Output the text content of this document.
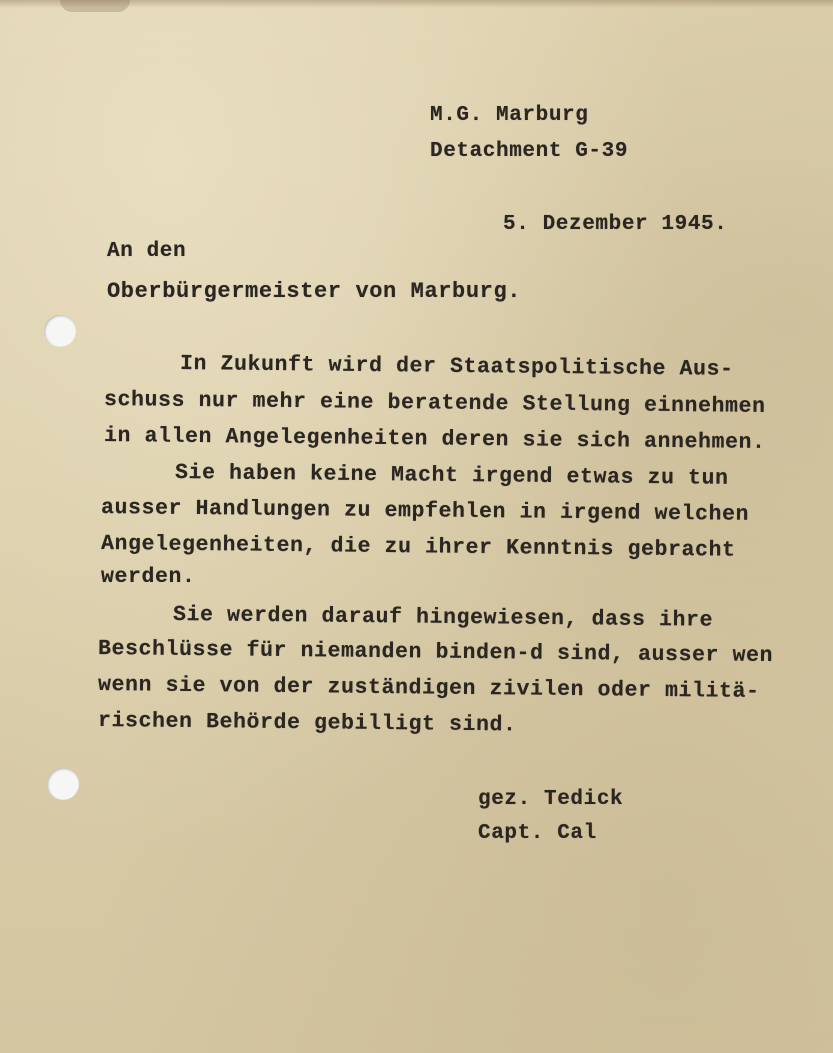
M.G. Marburg
Detachment G-39
5. Dezember 1945.
An den
Oberbürgermeister von Marburg.
In Zukunft wird der Staatspolitische Aus-
schuss nur mehr eine beratende Stellung einnehmen
in allen Angelegenheiten deren sie sich annehmen.
Sie haben keine Macht irgend etwas zu tun
ausser Handlungen zu empfehlen in irgend welchen
Angelegenheiten, die zu ihrer Kenntnis gebracht
werden.
Sie werden darauf hingewiesen, dass ihre
Beschlüsse für niemanden binden-d sind, ausser wen
wenn sie von der zuständigen zivilen oder militä-
rischen Behörde gebilligt sind.
gez. Tedick
Capt. Cal
